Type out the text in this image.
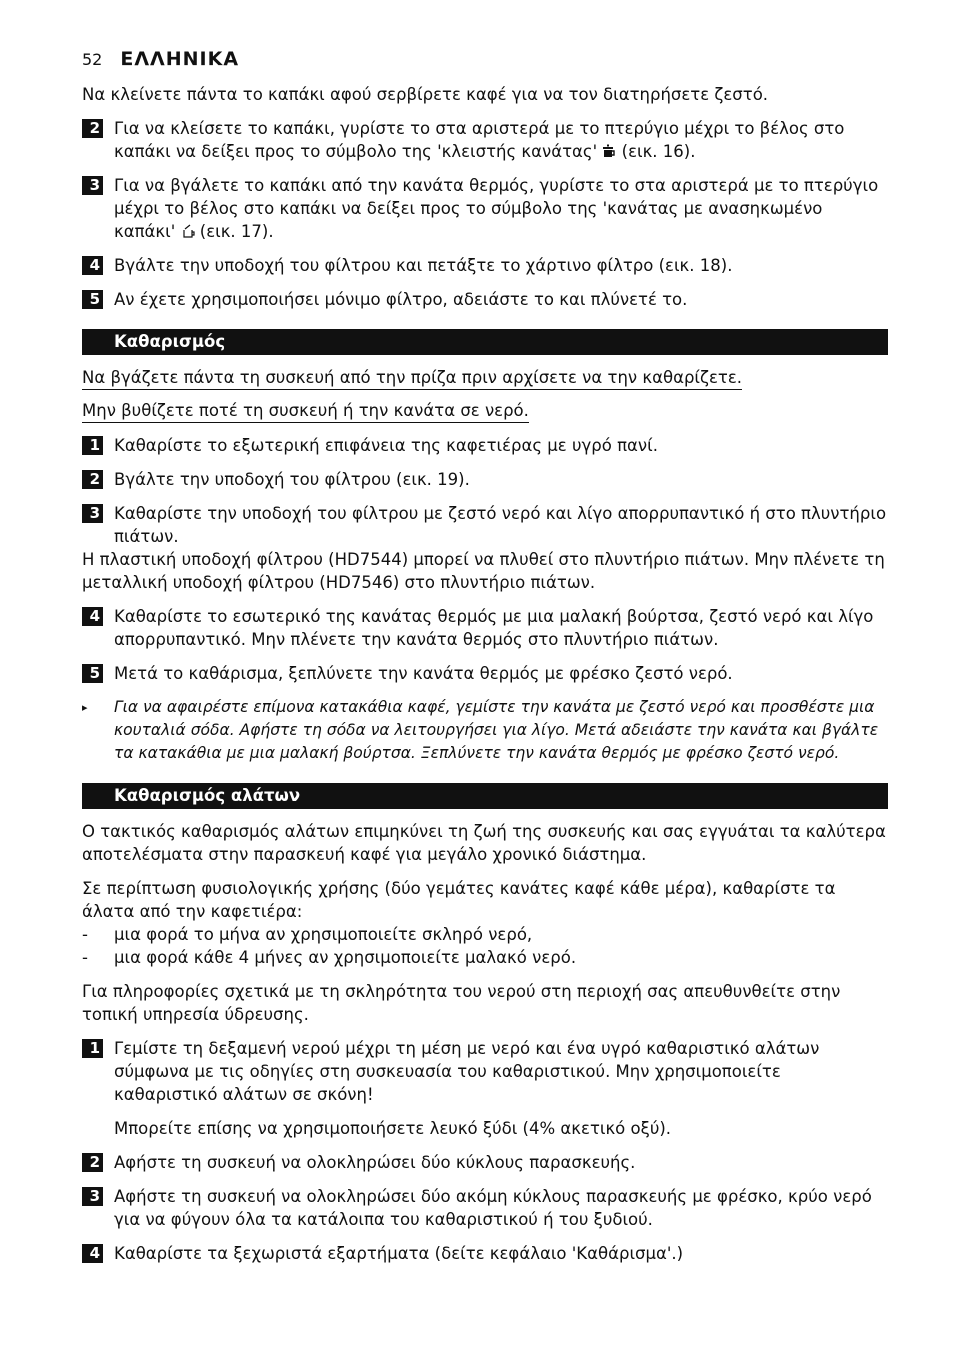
52 ΕΛΛΗΝΙΚΑ

Να κλείνετε πάντα το καπάκι αφού σερβίρετε καφέ για να τον διατηρήσετε ζεστό.

2 Για να κλείσετε το καπάκι, γυρίστε το στα αριστερά με το πτερύγιο μέχρι το βέλος στο καπάκι να δείξει προς το σύμβολο της 'κλειστής κανάτας' (εικ. 16).
3 Για να βγάλετε το καπάκι από την κανάτα θερμός, γυρίστε το στα αριστερά με το πτερύγιο μέχρι το βέλος στο καπάκι να δείξει προς το σύμβολο της 'κανάτας με ανασηκωμένο καπάκι' (εικ. 17).
4 Βγάλτε την υποδοχή του φίλτρου και πετάξτε το χάρτινο φίλτρο (εικ. 18).
5 Αν έχετε χρησιμοποιήσει μόνιμο φίλτρο, αδειάστε το και πλύνετέ το.
Καθαρισμός

Να βγάζετε πάντα τη συσκευή από την πρίζα πριν αρχίσετε να την καθαρίζετε.

Μην βυθίζετε ποτέ τη συσκευή ή την κανάτα σε νερό.

1 Καθαρίστε το εξωτερική επιφάνεια της καφετιέρας με υγρό πανί.
2 Βγάλτε την υποδοχή του φίλτρου (εικ. 19).
3 Καθαρίστε την υποδοχή του φίλτρου με ζεστό νερό και λίγο απορρυπαντικό ή στο πλυντήριο πιάτων.

Η πλαστική υποδοχή φίλτρου (HD7544) μπορεί να πλυθεί στο πλυντήριο πιάτων. Μην πλένετε τη μεταλλική υποδοχή φίλτρου (HD7546) στο πλυντήριο πιάτων.

4 Καθαρίστε το εσωτερικό της κανάτας θερμός με μια μαλακή βούρτσα, ζεστό νερό και λίγο απορρυπαντικό. Μην πλένετε την κανάτα θερμός στο πλυντήριο πιάτων.
5 Μετά το καθάρισμα, ξεπλύνετε την κανάτα θερμός με φρέσκο ζεστό νερό.
▸	Για να αφαιρέστε επίμονα κατακάθια καφέ, γεμίστε την κανάτα με ζεστό νερό και προσθέστε μια κουταλιά σόδα. Αφήστε τη σόδα να λειτουργήσει για λίγο. Μετά αδειάστε την κανάτα και βγάλτε τα κατακάθια με μια μαλακή βούρτσα. Ξεπλύνετε την κανάτα θερμός με φρέσκο ζεστό νερό.
Καθαρισμός αλάτων

Ο τακτικός καθαρισμός αλάτων επιμηκύνει τη ζωή της συσκευής και σας εγγυάται τα καλύτερα αποτελέσματα στην παρασκευή καφέ για μεγάλο χρονικό διάστημα.

Σε περίπτωση φυσιολογικής χρήσης (δύο γεμάτες κανάτες καφέ κάθε μέρα), καθαρίστε τα άλατα από την καφετιέρα:

-	μια φορά το μήνα αν χρησιμοποιείτε σκληρό νερό,
-	μια φορά κάθε 4 μήνες αν χρησιμοποιείτε μαλακό νερό.

Για πληροφορίες σχετικά με τη σκληρότητα του νερού στη περιοχή σας απευθυνθείτε στην τοπική υπηρεσία ύδρευσης.

1 Γεμίστε τη δεξαμενή νερού μέχρι τη μέση με νερό και ένα υγρό καθαριστικό αλάτων σύμφωνα με τις οδηγίες στη συσκευασία του καθαριστικού. Μην χρησιμοποιείτε καθαριστικό αλάτων σε σκόνη!

Μπορείτε επίσης να χρησιμοποιήσετε λευκό ξύδι (4% ακετικό οξύ).

2 Αφήστε τη συσκευή να ολοκληρώσει δύο κύκλους παρασκευής.
3 Αφήστε τη συσκευή να ολοκληρώσει δύο ακόμη κύκλους παρασκευής με φρέσκο, κρύο νερό για να φύγουν όλα τα κατάλοιπα του καθαριστικού ή του ξυδιού.
4 Καθαρίστε τα ξεχωριστά εξαρτήματα (δείτε κεφάλαιο 'Καθάρισμα'.)
